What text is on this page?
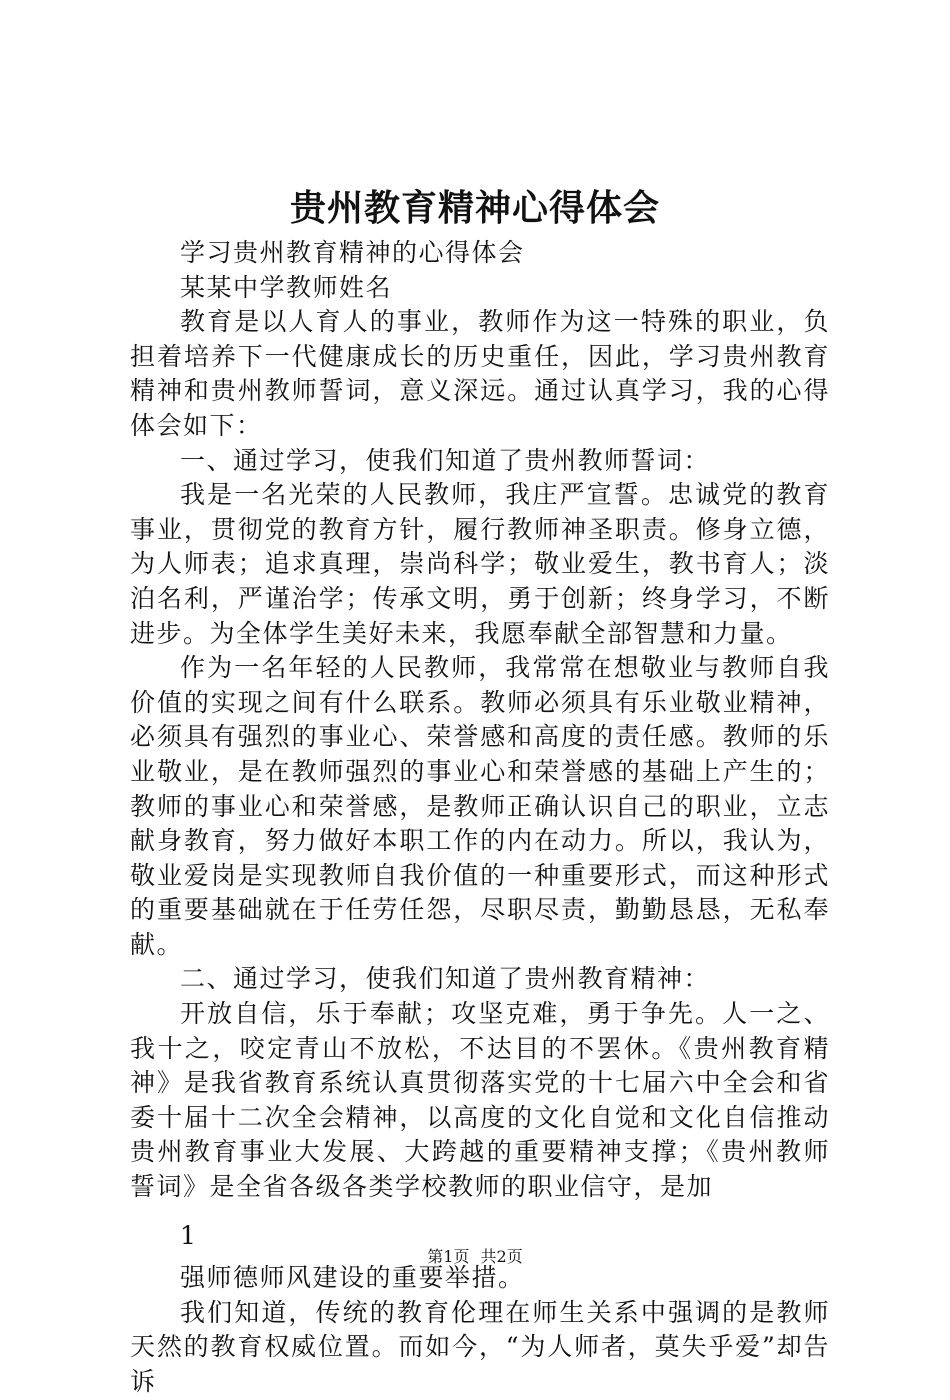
贵州教育精神心得体会

学习贵州教育精神的心得体会

某某中学教师姓名

教育是以人育人的事业，教师作为这一特殊的职业，负担着培养下一代健康成长的历史重任，因此，学习贵州教育精神和贵州教师誓词，意义深远。通过认真学习，我的心得体会如下：

一、通过学习，使我们知道了贵州教师誓词：

我是一名光荣的人民教师，我庄严宣誓。忠诚党的教育事业，贯彻党的教育方针，履行教师神圣职责。修身立德，为人师表；追求真理，崇尚科学；敬业爱生，教书育人；淡泊名利，严谨治学；传承文明，勇于创新；终身学习，不断进步。为全体学生美好未来，我愿奉献全部智慧和力量。

作为一名年轻的人民教师，我常常在想敬业与教师自我价值的实现之间有什么联系。教师必须具有乐业敬业精神，必须具有强烈的事业心、荣誉感和高度的责任感。教师的乐业敬业，是在教师强烈的事业心和荣誉感的基础上产生的；教师的事业心和荣誉感，是教师正确认识自己的职业，立志献身教育，努力做好本职工作的内在动力。所以，我认为，敬业爱岗是实现教师自我价值的一种重要形式，而这种形式的重要基础就在于任劳任怨，尽职尽责，勤勤恳恳，无私奉献。

二、通过学习，使我们知道了贵州教育精神：

开放自信，乐于奉献；攻坚克难，勇于争先。人一之、我十之，咬定青山不放松，不达目的不罢休。《贵州教育精神》是我省教育系统认真贯彻落实党的十七届六中全会和省委十届十二次全会精神，以高度的文化自觉和文化自信推动贵州教育事业大发展、大跨越的重要精神支撑；《贵州教师誓词》是全省各级各类学校教师的职业信守，是加

1

强师德师风建设的重要举措。

我们知道，传统的教育伦理在师生关系中强调的是教师天然的教育权威位置。而如今，“为人师者，莫失乎爱”却告诉

第1页 共2页
